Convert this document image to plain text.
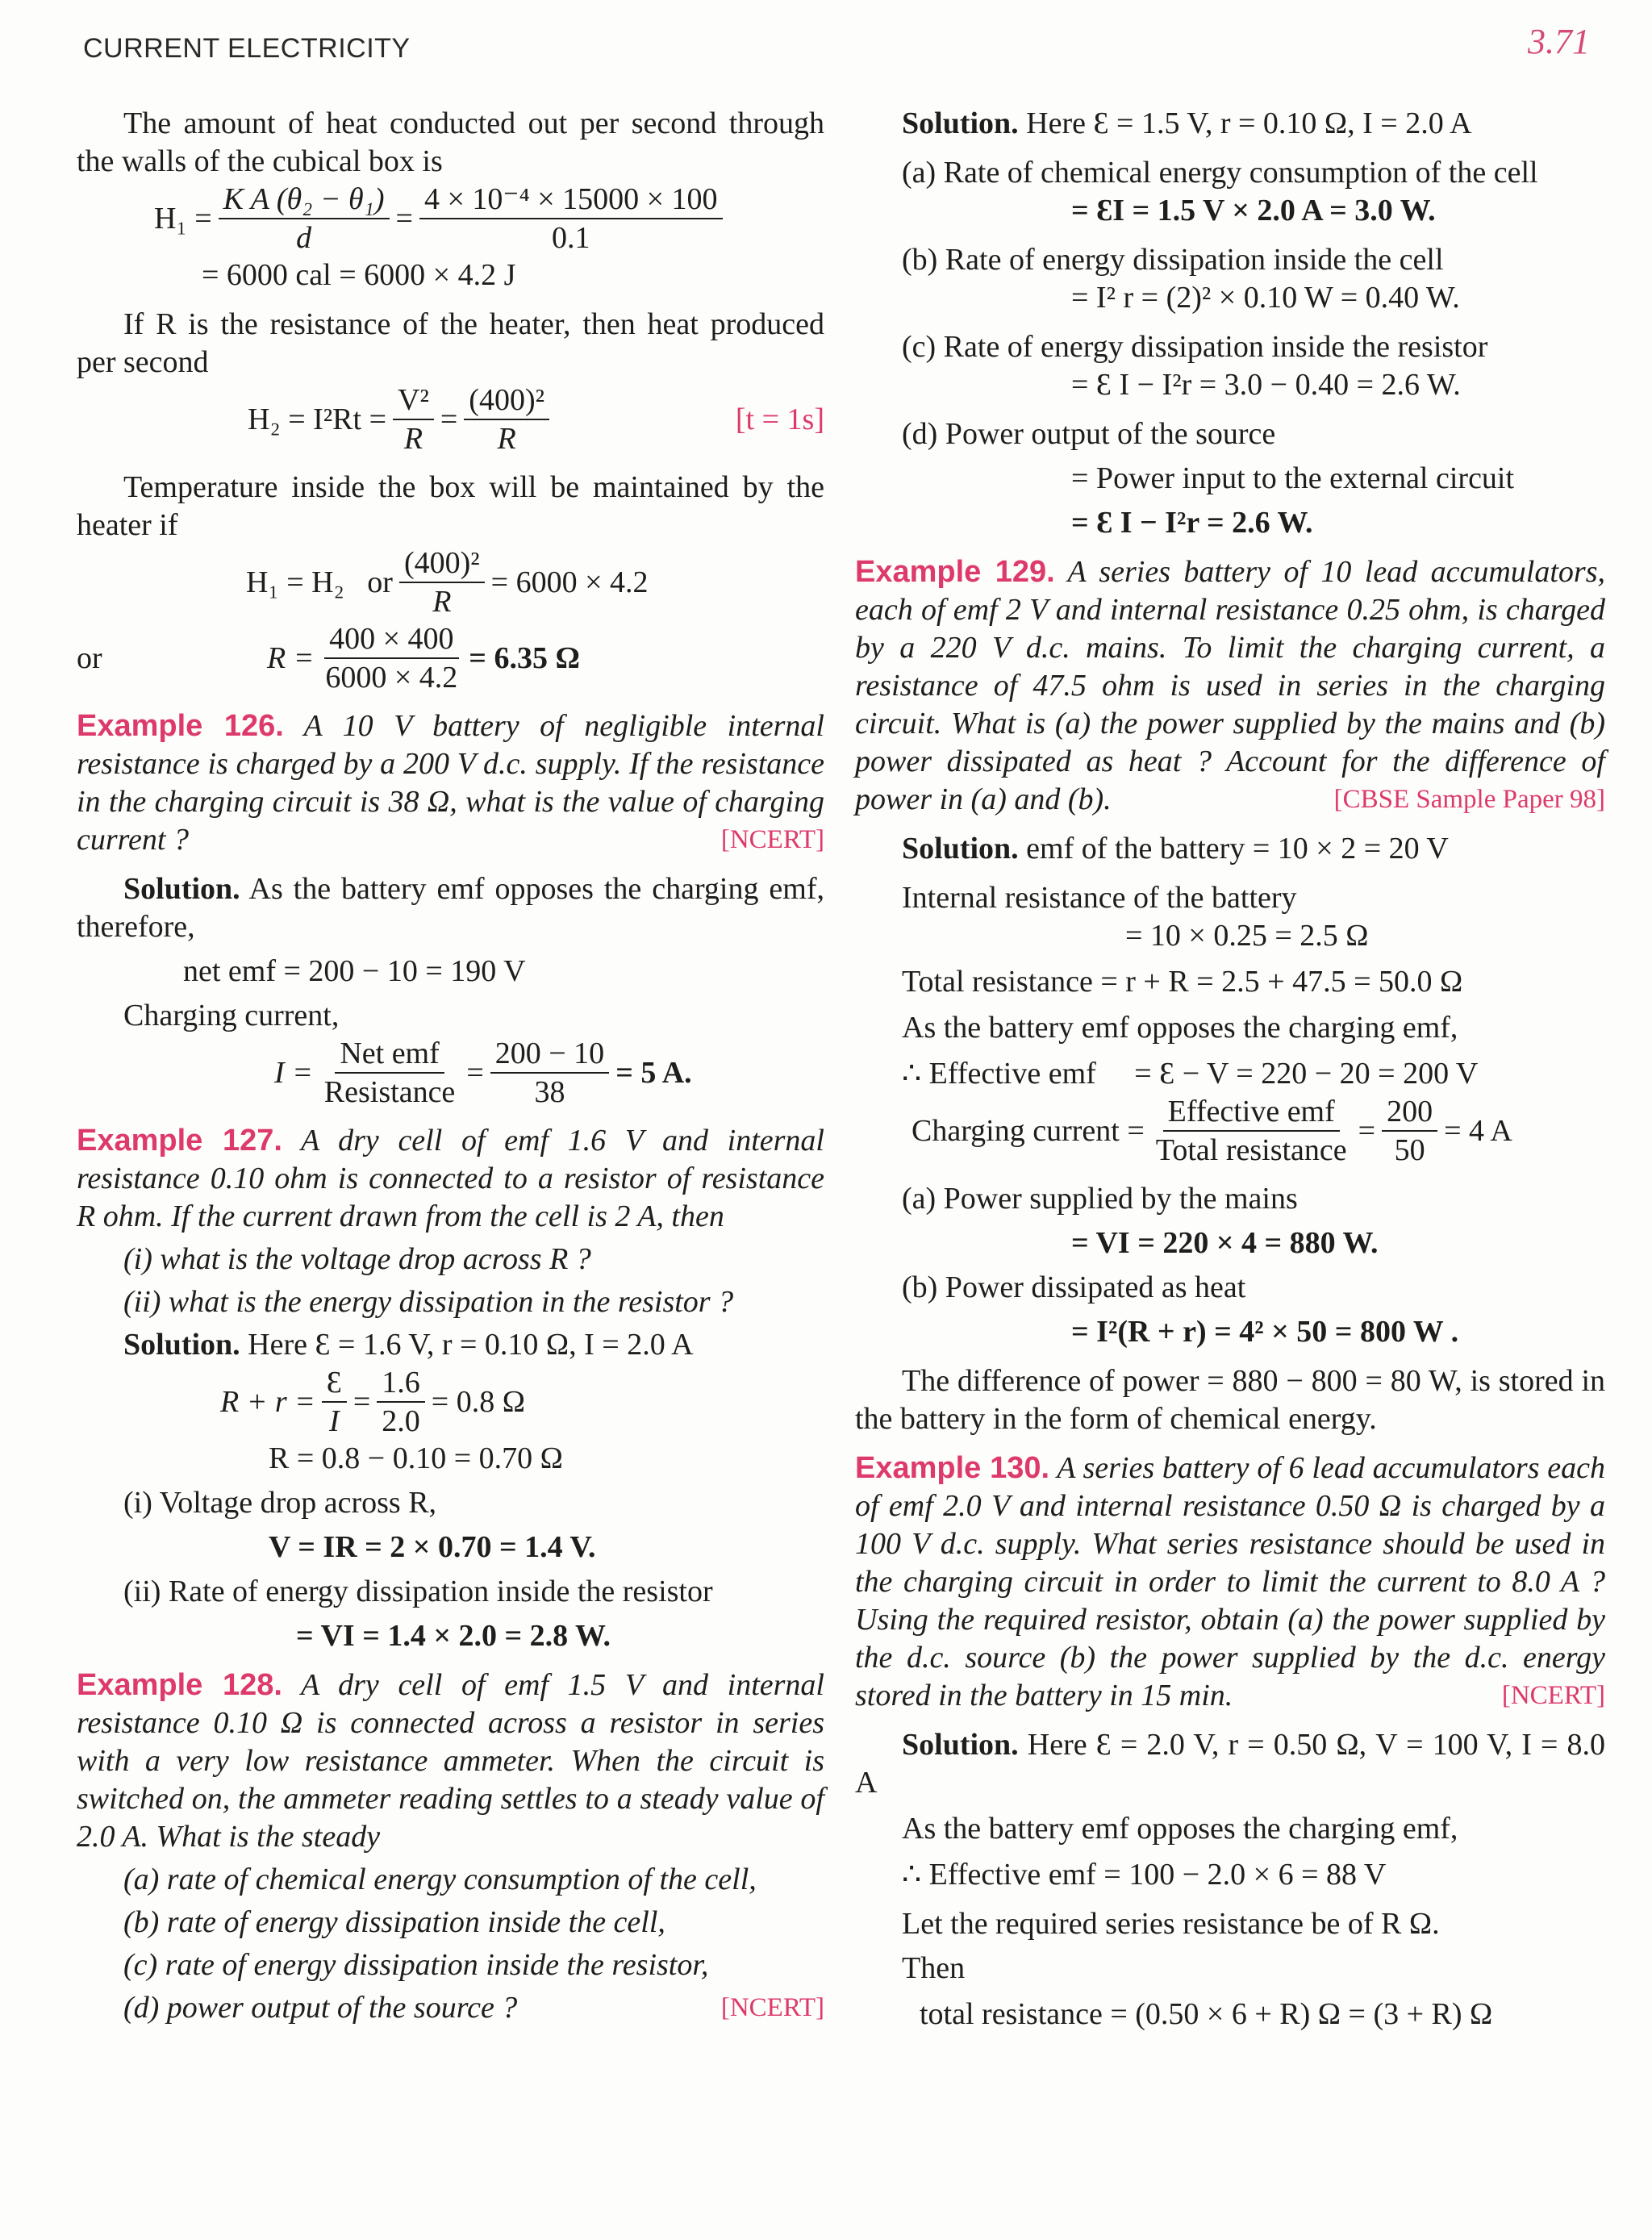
CURRENT ELECTRICITY	3.71

The amount of heat conducted out per second through the walls of the cubical box is

$H_1 = \frac{\text{K A (θ₂ − θ₁)}}{d} = \frac{\text{4 × 10⁻⁴ × 15000 × 100}}{0.1}$

= 6000 cal = 6000 × 4.2 J

If R is the resistance of the heater, then heat produced per second

$H_2 = I^2Rt = \frac{\text{V²}}{R} = \frac{\text{(400)²}}{R}$	[t = 1s]

Temperature inside the box will be maintained by the heater if

H₁ = H₂   or $\frac{\text{(400)²}}{R} = 6000 \times 4.2$
or	$R = \frac{400 \times 400}{6000 \times 4.2} = 6.35$ Ω

Example 126. A 10 V battery of negligible internal resistance is charged by a 200 V d.c. supply. If the resistance in the charging circuit is 38 Ω, what is the value of charging current ?	[NCERT]

Solution. As the battery emf opposes the charging emf, therefore,

net emf = 200 − 10 = 190 V

Charging current,

$I = \frac{\text{Net emf}}{\text{Resistance}} = \frac{200 - 10}{38} = 5$ A.

Example 127. A dry cell of emf 1.6 V and internal resistance 0.10 ohm is connected to a resistor of resistance R ohm. If the current drawn from the cell is 2 A, then

(i) what is the voltage drop across R ?

(ii) what is the energy dissipation in the resistor ?

Solution. Here Ɛ = 1.6 V, r = 0.10 Ω, I = 2.0 A

$R + r = \frac{Ɛ}{I} = \frac{1.6}{2.0} = 0.8$ Ω

R = 0.8 − 0.10 = 0.70 Ω

(i) Voltage drop across R,

V = IR = 2 × 0.70 = 1.4 V.

(ii) Rate of energy dissipation inside the resistor

= VI = 1.4 × 2.0 = 2.8 W.

Example 128. A dry cell of emf 1.5 V and internal resistance 0.10 Ω is connected across a resistor in series with a very low resistance ammeter. When the circuit is switched on, the ammeter reading settles to a steady value of 2.0 A. What is the steady

(a) rate of chemical energy consumption of the cell,

(b) rate of energy dissipation inside the cell,

(c) rate of energy dissipation inside the resistor,

(d) power output of the source ?	[NCERT]

Solution. Here Ɛ = 1.5 V, r = 0.10 Ω, I = 2.0 A

(a) Rate of chemical energy consumption of the cell

= ƐI = 1.5 V × 2.0 A = 3.0 W.

(b) Rate of energy dissipation inside the cell

= I² r = (2)² × 0.10 W = 0.40 W.

(c) Rate of energy dissipation inside the resistor

= Ɛ I − I²r = 3.0 − 0.40 = 2.6 W.

(d) Power output of the source

= Power input to the external circuit

= Ɛ I − I²r = 2.6 W.

Example 129. A series battery of 10 lead accumulators, each of emf 2 V and internal resistance 0.25 ohm, is charged by a 220 V d.c. mains. To limit the charging current, a resistance of 47.5 ohm is used in series in the charging circuit. What is (a) the power supplied by the mains and (b) power dissipated as heat ? Account for the difference of power in (a) and (b).	[CBSE Sample Paper 98]

Solution. emf of the battery = 10 × 2 = 20 V

Internal resistance of the battery

= 10 × 0.25 = 2.5 Ω

Total resistance = r + R = 2.5 + 47.5 = 50.0 Ω

As the battery emf opposes the charging emf,

∴ Effective emf     = Ɛ − V = 220 − 20 = 200 V

Charging current = $\frac{\text{Effective emf}}{\text{Total resistance}} = \frac{200}{50} = 4$ A

(a) Power supplied by the mains

= VI = 220 × 4 = 880 W.

(b) Power dissipated as heat

= I²(R + r) = 4² × 50 = 800 W .

The difference of power = 880 − 800 = 80 W, is stored in the battery in the form of chemical energy.

Example 130. A series battery of 6 lead accumulators each of emf 2.0 V and internal resistance 0.50 Ω is charged by a 100 V d.c. supply. What series resistance should be used in the charging circuit in order to limit the current to 8.0 A ? Using the required resistor, obtain (a) the power supplied by the d.c. source (b) the power supplied by the d.c. energy stored in the battery in 15 min.	[NCERT]

Solution. Here Ɛ = 2.0 V, r = 0.50 Ω, V = 100 V, I = 8.0 A

As the battery emf opposes the charging emf,

∴ Effective emf = 100 − 2.0 × 6 = 88 V

Let the required series resistance be of R Ω.

Then

total resistance = (0.50 × 6 + R) Ω = (3 + R) Ω
